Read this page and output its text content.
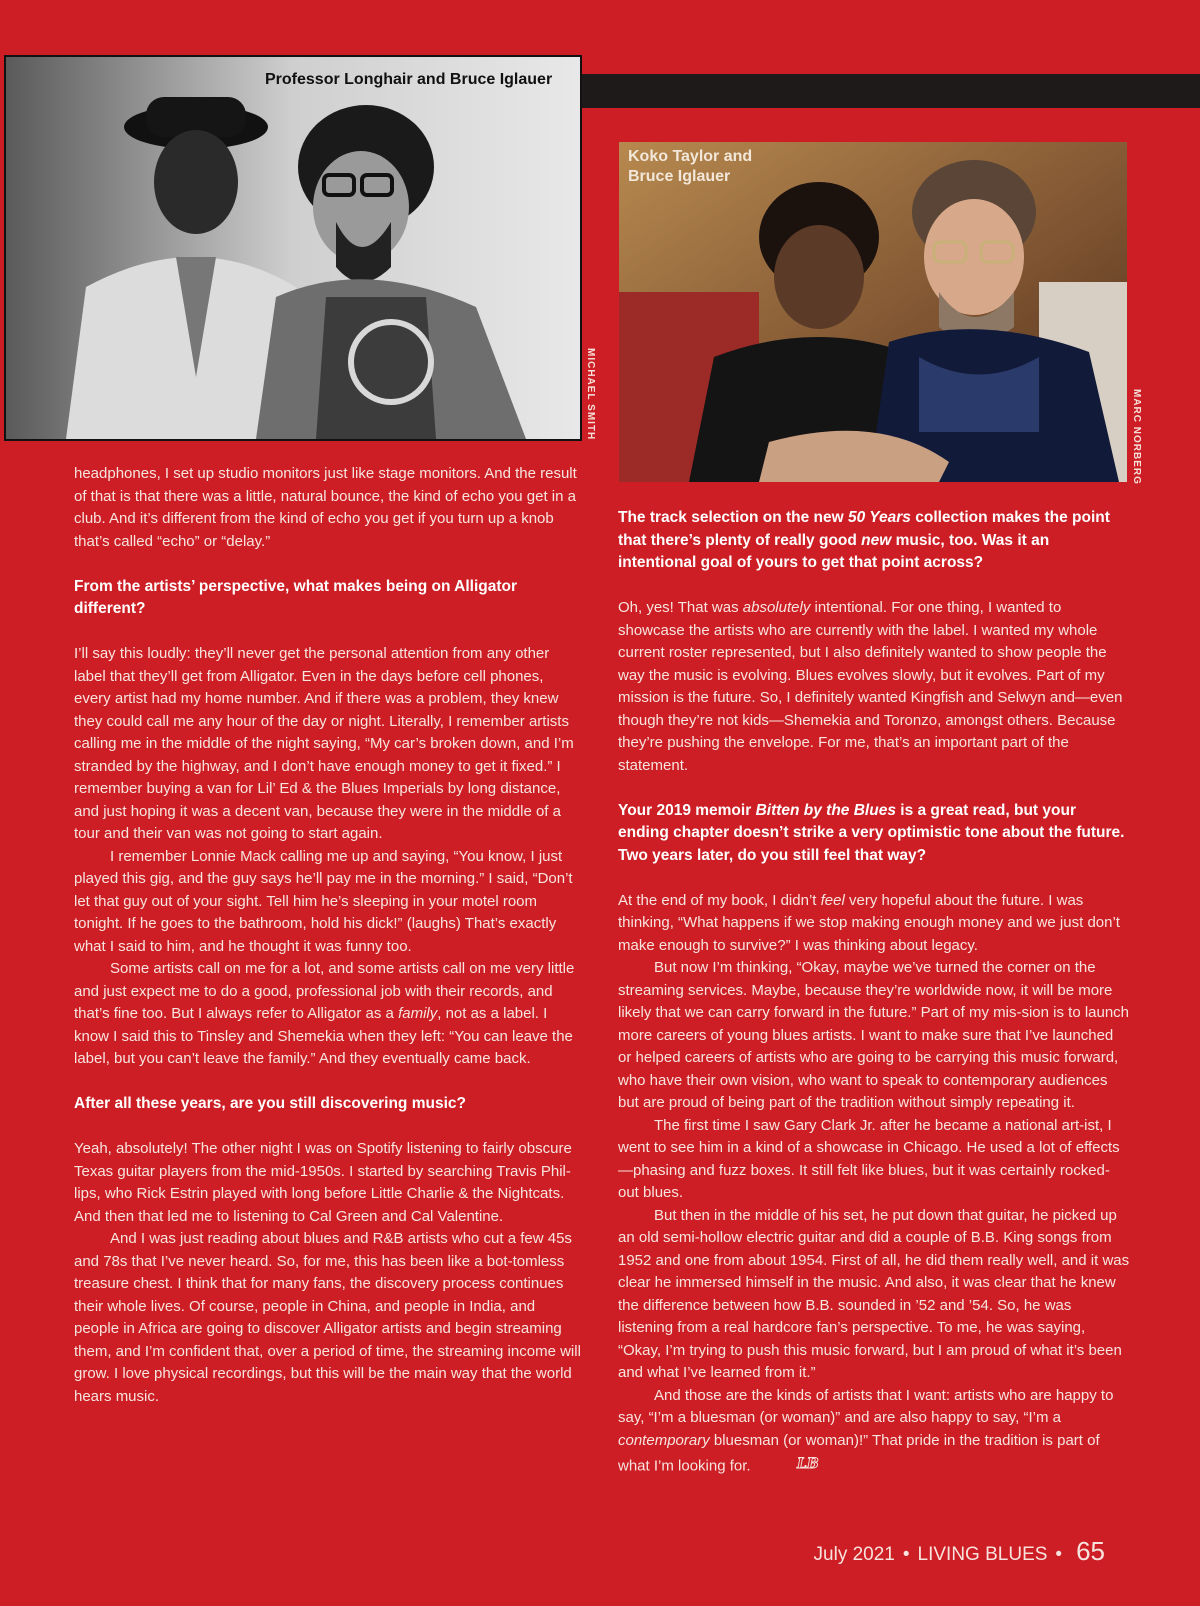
Professor Longhair and Bruce Iglauer
MICHAEL SMITH
Koko Taylor and
Bruce Iglauer
MARC NORBERG

headphones, I set up studio monitors just like stage monitors. And the result of that is that there was a little, natural bounce, the kind of echo you get in a club. And it’s different from the kind of echo you get if you turn up a knob that’s called “echo” or “delay.”

From the artists’ perspective, what makes being on Alligator different?

I’ll say this loudly: they’ll never get the personal attention from any other label that they’ll get from Alligator. Even in the days before cell phones, every artist had my home number. And if there was a problem, they knew they could call me any hour of the day or night. Literally, I remember artists calling me in the middle of the night saying, “My car’s broken down, and I’m stranded by the highway, and I don’t have enough money to get it fixed.” I remember buying a van for Lil’ Ed & the Blues Imperials by long distance, and just hoping it was a decent van, because they were in the middle of a tour and their van was not going to start again.

I remember Lonnie Mack calling me up and saying, “You know, I just played this gig, and the guy says he’ll pay me in the morning.” I said, “Don’t let that guy out of your sight. Tell him he’s sleeping in your motel room tonight. If he goes to the bathroom, hold his dick!” (laughs) That’s exactly what I said to him, and he thought it was funny too.

Some artists call on me for a lot, and some artists call on me very little and just expect me to do a good, professional job with their records, and that’s fine too. But I always refer to Alligator as a family, not as a label. I know I said this to Tinsley and Shemekia when they left: “You can leave the label, but you can’t leave the family.” And they eventually came back.

After all these years, are you still discovering music?

Yeah, absolutely! The other night I was on Spotify listening to fairly obscure Texas guitar players from the mid-1950s. I started by searching Travis Phil-lips, who Rick Estrin played with long before Little Charlie & the Nightcats. And then that led me to listening to Cal Green and Cal Valentine.

And I was just reading about blues and R&B artists who cut a few 45s and 78s that I’ve never heard. So, for me, this has been like a bot-tomless treasure chest. I think that for many fans, the discovery process continues their whole lives. Of course, people in China, and people in India, and people in Africa are going to discover Alligator artists and begin streaming them, and I’m confident that, over a period of time, the streaming income will grow. I love physical recordings, but this will be the main way that the world hears music.

The track selection on the new 50 Years collection makes the point that there’s plenty of really good new music, too. Was it an intentional goal of yours to get that point across?

Oh, yes! That was absolutely intentional. For one thing, I wanted to showcase the artists who are currently with the label. I wanted my whole current roster represented, but I also definitely wanted to show people the way the music is evolving. Blues evolves slowly, but it evolves. Part of my mission is the future. So, I definitely wanted Kingfish and Selwyn and—even though they’re not kids—Shemekia and Toronzo, amongst others. Because they’re pushing the envelope. For me, that’s an important part of the statement.

Your 2019 memoir Bitten by the Blues is a great read, but your ending chapter doesn’t strike a very optimistic tone about the future. Two years later, do you still feel that way?

At the end of my book, I didn’t feel very hopeful about the future. I was thinking, “What happens if we stop making enough money and we just don’t make enough to survive?” I was thinking about legacy.

But now I’m thinking, “Okay, maybe we’ve turned the corner on the streaming services. Maybe, because they’re worldwide now, it will be more likely that we can carry forward in the future.” Part of my mis-sion is to launch more careers of young blues artists. I want to make sure that I’ve launched or helped careers of artists who are going to be carrying this music forward, who have their own vision, who want to speak to contemporary audiences but are proud of being part of the tradition without simply repeating it.

The first time I saw Gary Clark Jr. after he became a national art-ist, I went to see him in a kind of a showcase in Chicago. He used a lot of effects—phasing and fuzz boxes. It still felt like blues, but it was certainly rocked-out blues.

But then in the middle of his set, he put down that guitar, he picked up an old semi-hollow electric guitar and did a couple of B.B. King songs from 1952 and one from about 1954. First of all, he did them really well, and it was clear he immersed himself in the music. And also, it was clear that he knew the difference between how B.B. sounded in ’52 and ’54. So, he was listening from a real hardcore fan’s perspective. To me, he was saying, “Okay, I’m trying to push this music forward, but I am proud of what it’s been and what I’ve learned from it.”

And those are the kinds of artists that I want: artists who are happy to say, “I’m a bluesman (or woman)” and are also happy to say, “I’m a contemporary bluesman (or woman)!” That pride in the tradition is part of what I’m looking for.	LB

July 2021 • LIVING BLUES • 65
